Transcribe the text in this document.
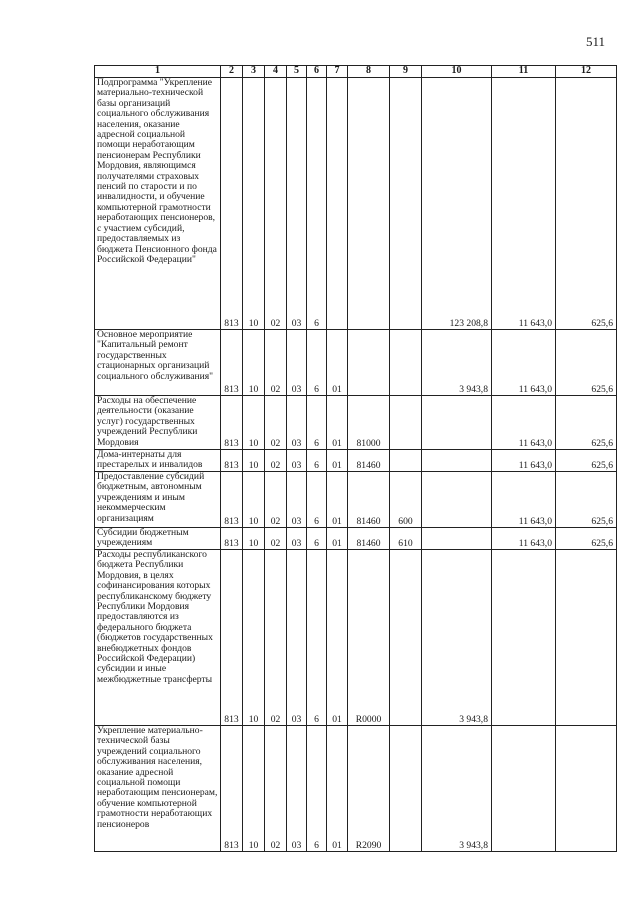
511
1	2	3	4	5	6	7	8	9	10	11	12

Подпрограмма "Укрепление материально-технической базы организаций социального обслуживания населения, оказание адресной социальной помощи неработающим пенсионерам Республики Мордовия, являющимся получателями страховых пенсий по старости и по инвалидности, и обучение компьютерной грамотности неработающих пенсионеров, с участием субсидий, предоставляемых из бюджета Пенсионного фонда Российской Федерации"	813	10	02	03	6				123 208,8	11 643,0	625,6

Основное мероприятие "Капитальный ремонт государственных стационарных организаций социального обслуживания"	813	10	02	03	6	01			3 943,8	11 643,0	625,6

Расходы на обеспечение деятельности (оказание услуг) государственных учреждений Республики Мордовия	813	10	02	03	6	01	81000			11 643,0	625,6

Дома-интернаты для престарелых и инвалидов	813	10	02	03	6	01	81460			11 643,0	625,6

Предоставление субсидий бюджетным, автономным учреждениям и иным некоммерческим организациям	813	10	02	03	6	01	81460	600		11 643,0	625,6

Субсидии бюджетным учреждениям	813	10	02	03	6	01	81460	610		11 643,0	625,6

Расходы республиканского бюджета Республики Мордовия, в целях софинансирования которых республиканскому бюджету Республики Мордовия предоставляются из федерального бюджета (бюджетов государственных внебюджетных фондов Российской Федерации) субсидии и иные межбюджетные трансферты	813	10	02	03	6	01	R0000		3 943,8		

Укрепление материально-технической базы учреждений социального обслуживания населения, оказание адресной социальной помощи неработающим пенсионерам, обучение компьютерной грамотности неработающих пенсионеров	813	10	02	03	6	01	R2090		3 943,8		
